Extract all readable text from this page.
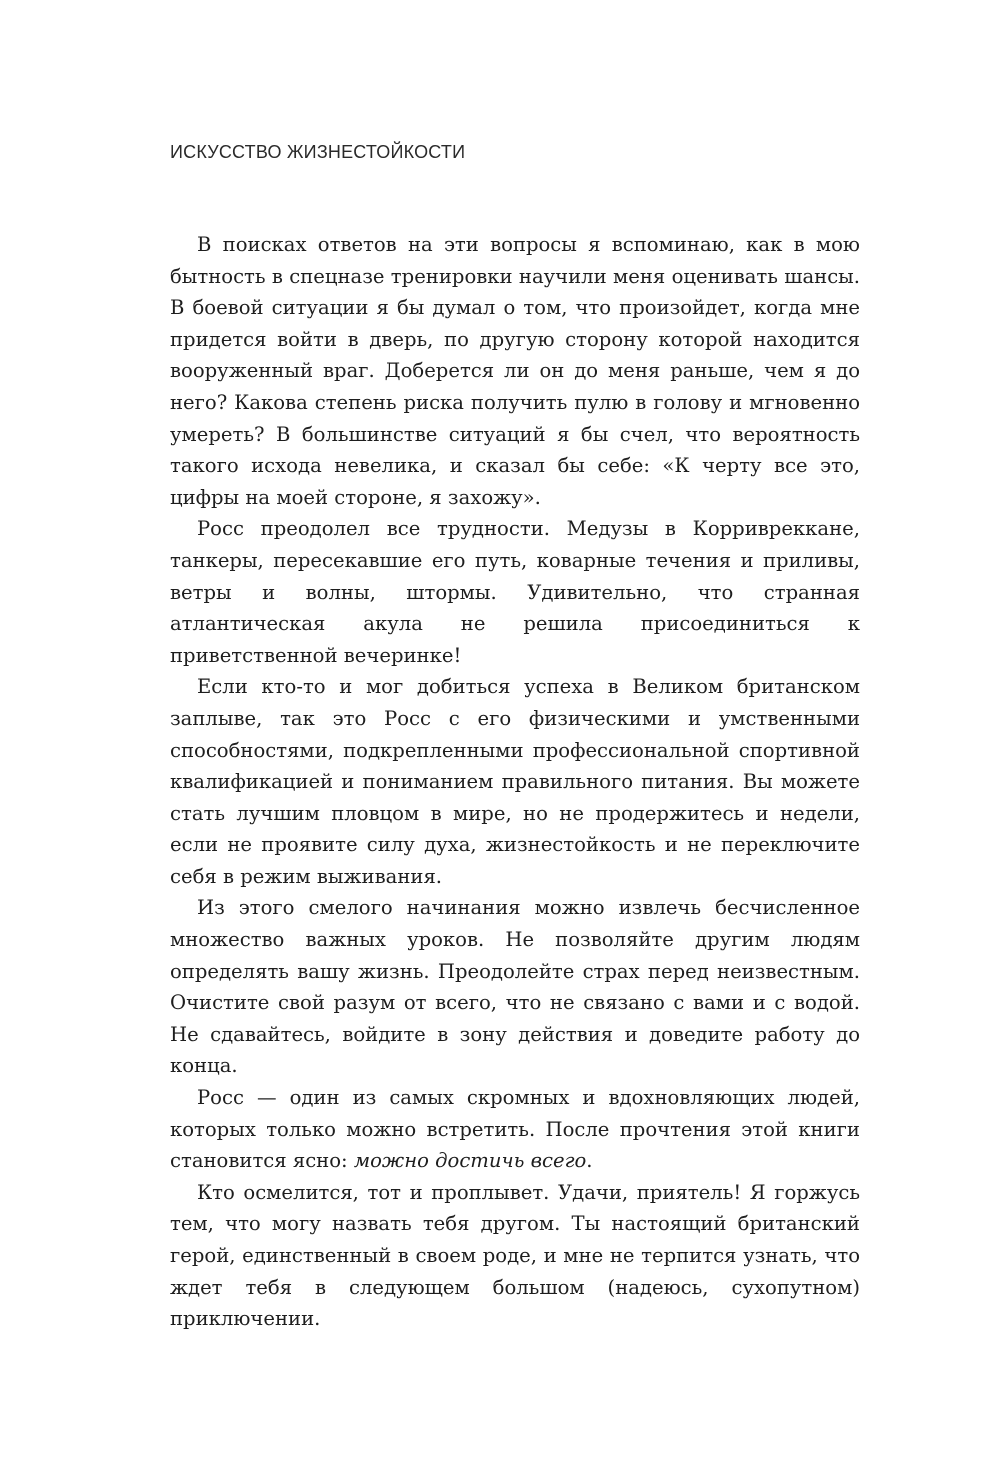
ИСКУССТВО ЖИЗНЕСТОЙКОСТИ

В поисках ответов на эти вопросы я вспоминаю, как в мою бытность в спецназе тренировки научили меня оценивать шансы. В боевой ситуации я бы думал о том, что произойдет, когда мне придется войти в дверь, по другую сторону которой находится вооруженный враг. Доберется ли он до меня раньше, чем я до него? Какова степень риска получить пулю в голову и мгновенно умереть? В большинстве ситуаций я бы счел, что вероятность такого исхода невелика, и сказал бы себе: «К черту все это, цифры на моей стороне, я захожу».

Росс преодолел все трудности. Медузы в Корривреккане, танкеры, пересекавшие его путь, коварные течения и приливы, ветры и волны, штормы. Удивительно, что странная атлантическая акула не решила присоединиться к приветственной вечеринке!

Если кто-то и мог добиться успеха в Великом британском заплыве, так это Росс с его физическими и умственными способностями, подкрепленными профессиональной спортивной квалификацией и пониманием правильного питания. Вы можете стать лучшим пловцом в мире, но не продержитесь и недели, если не проявите силу духа, жизнестойкость и не переключите себя в режим выживания.

Из этого смелого начинания можно извлечь бесчисленное множество важных уроков. Не позволяйте другим людям определять вашу жизнь. Преодолейте страх перед неизвестным. Очистите свой разум от всего, что не связано с вами и с водой. Не сдавайтесь, войдите в зону действия и доведите работу до конца.

Росс — один из самых скромных и вдохновляющих людей, которых только можно встретить. После прочтения этой книги становится ясно: можно достичь всего.

Кто осмелится, тот и проплывет. Удачи, приятель! Я горжусь тем, что могу назвать тебя другом. Ты настоящий британский герой, единственный в своем роде, и мне не терпится узнать, что ждет тебя в следующем большом (надеюсь, сухопутном) приключении.
